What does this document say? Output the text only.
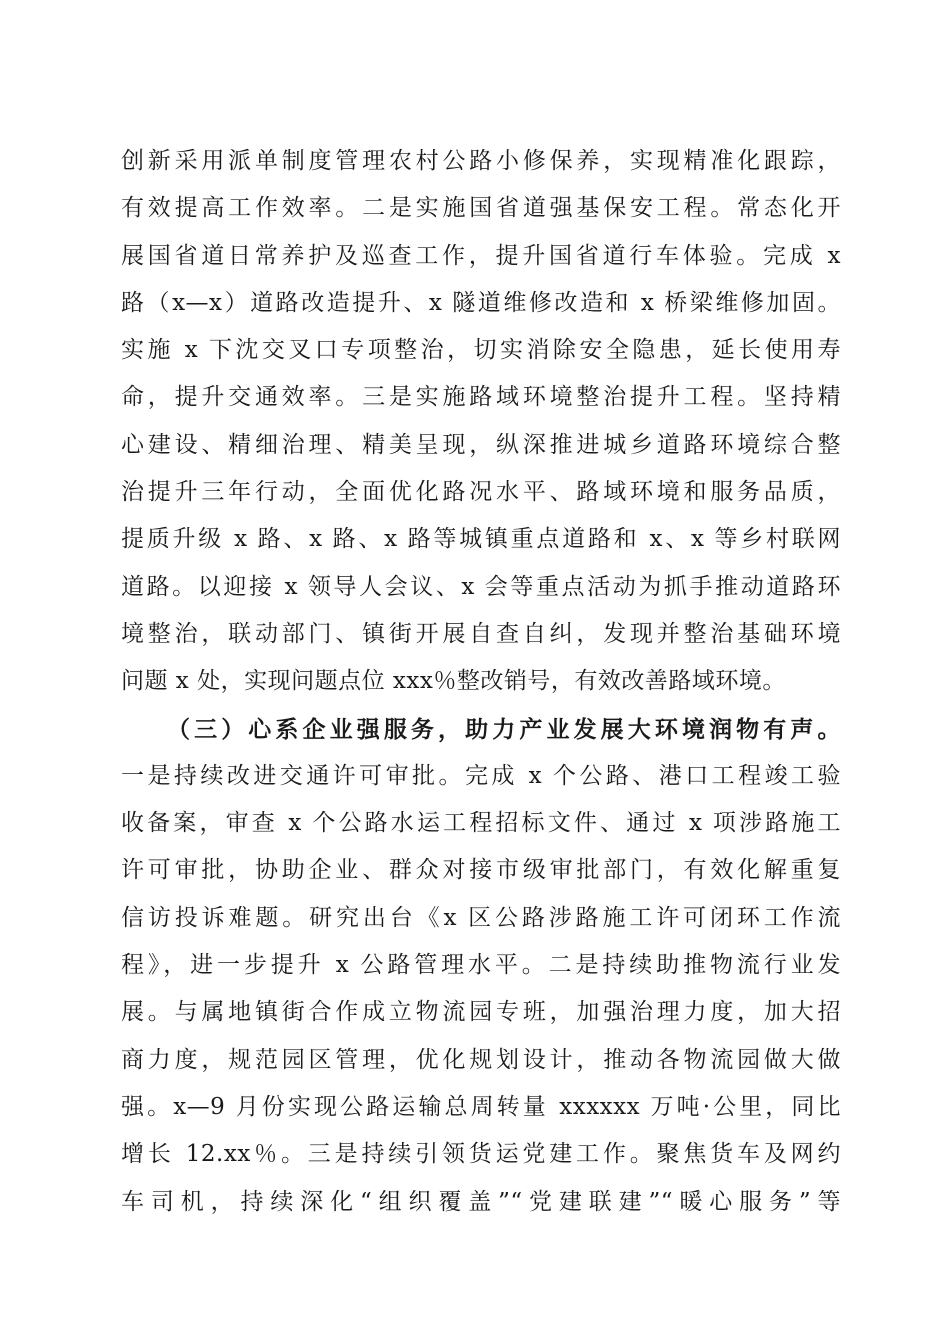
创新采用派单制度管理农村公路小修保养，实现精准化跟踪，
有效提高工作效率。二是实施国省道强基保安工程。常态化开
展国省道日常养护及巡查工作，提升国省道行车体验。完成 x
路（x—x）道路改造提升、x 隧道维修改造和 x 桥梁维修加固。
实施 x 下沈交叉口专项整治，切实消除安全隐患，延长使用寿
命，提升交通效率。三是实施路域环境整治提升工程。坚持精
心建设、精细治理、精美呈现，纵深推进城乡道路环境综合整
治提升三年行动，全面优化路况水平、路域环境和服务品质，
提质升级 x 路、x 路、x 路等城镇重点道路和 x、x 等乡村联网
道路。以迎接 x 领导人会议、x 会等重点活动为抓手推动道路环
境整治，联动部门、镇街开展自查自纠，发现并整治基础环境
问题 x 处，实现问题点位 xxx％整改销号，有效改善路域环境。
（三）心系企业强服务，助力产业发展大环境润物有声。
一是持续改进交通许可审批。完成 x 个公路、港口工程竣工验
收备案，审查 x 个公路水运工程招标文件、通过 x 项涉路施工
许可审批，协助企业、群众对接市级审批部门，有效化解重复
信访投诉难题。研究出台《x 区公路涉路施工许可闭环工作流
程》，进一步提升 x 公路管理水平。二是持续助推物流行业发
展。与属地镇街合作成立物流园专班，加强治理力度，加大招
商力度，规范园区管理，优化规划设计，推动各物流园做大做
强。x—9 月份实现公路运输总周转量 xxxxxx 万吨·公里，同比
增长 12.xx％。三是持续引领货运党建工作。聚焦货车及网约
车司机，持续深化“组织覆盖”“党建联建”“暖心服务”等
